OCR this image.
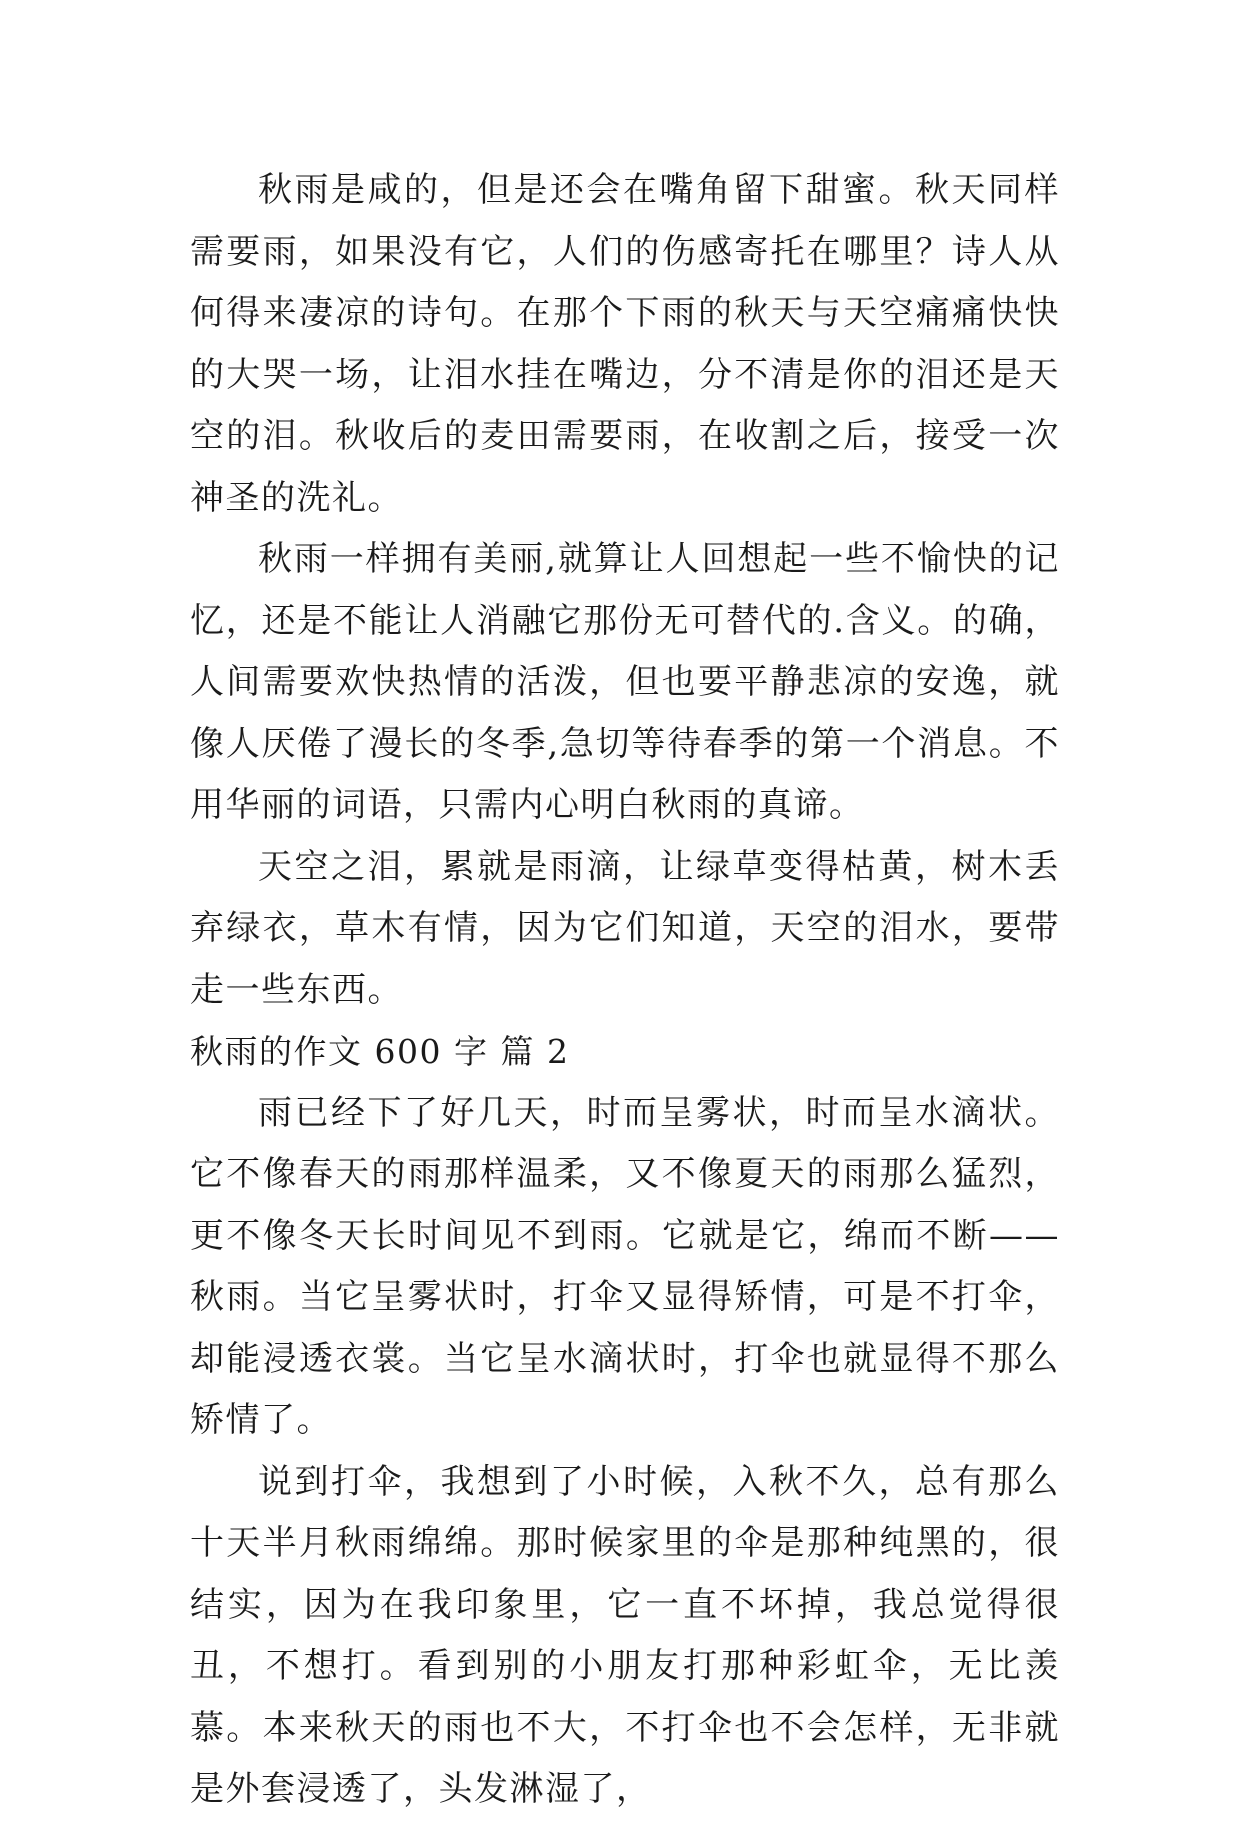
秋雨是咸的，但是还会在嘴角留下甜蜜。秋天同样需要雨，如果没有它，人们的伤感寄托在哪里？诗人从何得来凄凉的诗句。在那个下雨的秋天与天空痛痛快快的大哭一场，让泪水挂在嘴边，分不清是你的泪还是天空的泪。秋收后的麦田需要雨，在收割之后，接受一次神圣的洗礼。

秋雨一样拥有美丽,就算让人回想起一些不愉快的记忆，还是不能让人消融它那份无可替代的.含义。的确，人间需要欢快热情的活泼，但也要平静悲凉的安逸，就像人厌倦了漫长的冬季,急切等待春季的第一个消息。不用华丽的词语，只需内心明白秋雨的真谛。

天空之泪，累就是雨滴，让绿草变得枯黄，树木丢弃绿衣，草木有情，因为它们知道，天空的泪水，要带走一些东西。

秋雨的作文 600 字 篇 2

雨已经下了好几天，时而呈雾状，时而呈水滴状。它不像春天的雨那样温柔，又不像夏天的雨那么猛烈，更不像冬天长时间见不到雨。它就是它，绵而不断——秋雨。当它呈雾状时，打伞又显得矫情，可是不打伞，却能浸透衣裳。当它呈水滴状时，打伞也就显得不那么矫情了。

说到打伞，我想到了小时候，入秋不久，总有那么十天半月秋雨绵绵。那时候家里的伞是那种纯黑的，很结实，因为在我印象里，它一直不坏掉，我总觉得很丑，不想打。看到别的小朋友打那种彩虹伞，无比羡慕。本来秋天的雨也不大，不打伞也不会怎样，无非就是外套浸透了，头发淋湿了，
